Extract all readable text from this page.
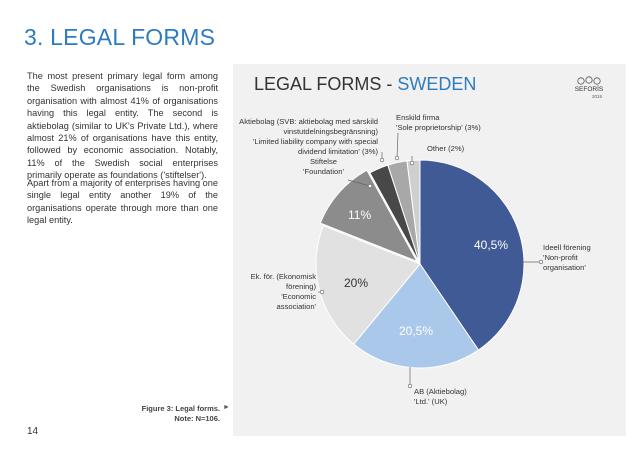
3. LEGAL FORMS
The most present primary legal form among the Swedish organisations is non-profit organisation with almost 41% of organisations having this legal entity. The second is aktiebolag (similar to UK's Private Ltd.), where almost 21% of organisations have this entity, followed by economic association. Notably, 11% of the Swedish social enterprises primarily operate as foundations ('stiftelser').
Apart from a majority of enterprises having one single legal entity another 19% of the organisations operate through more than one legal entity.
Figure 3: Legal forms.
Note: N=106.
►
14
LEGAL FORMS - SWEDEN	SEFORÏS
2015
40,5%
20,5%
20%
11%
Ideell förening
'Non-profit
organisation'
AB (Aktiebolag)
'Ltd.' (UK)
Ek. för. (Ekonomisk
förening)
'Economic
association'
Stiftelse
'Foundation'
Aktiebolag (SVB: aktiebolag med särskild
vinstutdelningsbegränsning)
'Limited liability company with special
dividend limitation' (3%)
Enskild firma
'Sole proprietorship' (3%)
Other (2%)
